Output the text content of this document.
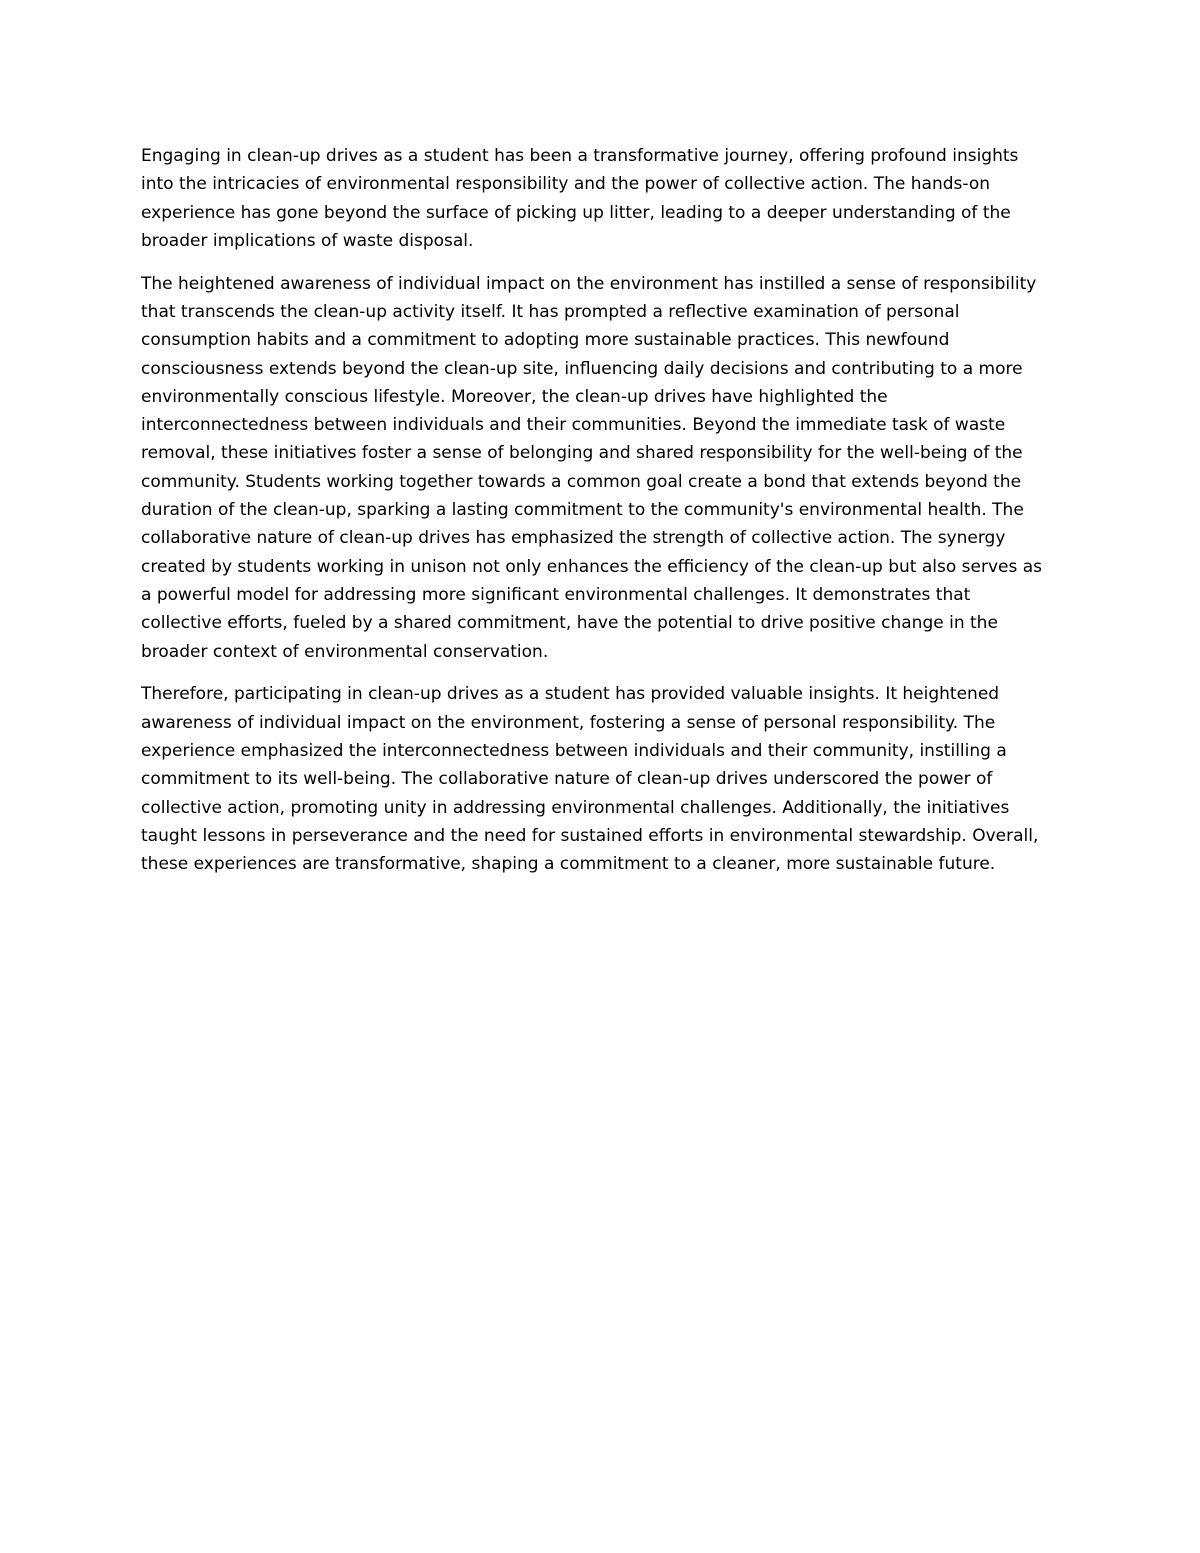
Engaging in clean-up drives as a student has been a transformative journey, offering profound insights
into the intricacies of environmental responsibility and the power of collective action. The hands-on
experience has gone beyond the surface of picking up litter, leading to a deeper understanding of the
broader implications of waste disposal.

The heightened awareness of individual impact on the environment has instilled a sense of responsibility
that transcends the clean-up activity itself. It has prompted a reflective examination of personal
consumption habits and a commitment to adopting more sustainable practices. This newfound
consciousness extends beyond the clean-up site, influencing daily decisions and contributing to a more
environmentally conscious lifestyle. Moreover, the clean-up drives have highlighted the
interconnectedness between individuals and their communities. Beyond the immediate task of waste
removal, these initiatives foster a sense of belonging and shared responsibility for the well-being of the
community. Students working together towards a common goal create a bond that extends beyond the
duration of the clean-up, sparking a lasting commitment to the community's environmental health. The
collaborative nature of clean-up drives has emphasized the strength of collective action. The synergy
created by students working in unison not only enhances the efficiency of the clean-up but also serves as
a powerful model for addressing more significant environmental challenges. It demonstrates that
collective efforts, fueled by a shared commitment, have the potential to drive positive change in the
broader context of environmental conservation.

Therefore, participating in clean-up drives as a student has provided valuable insights. It heightened
awareness of individual impact on the environment, fostering a sense of personal responsibility. The
experience emphasized the interconnectedness between individuals and their community, instilling a
commitment to its well-being. The collaborative nature of clean-up drives underscored the power of
collective action, promoting unity in addressing environmental challenges. Additionally, the initiatives
taught lessons in perseverance and the need for sustained efforts in environmental stewardship. Overall,
these experiences are transformative, shaping a commitment to a cleaner, more sustainable future.
